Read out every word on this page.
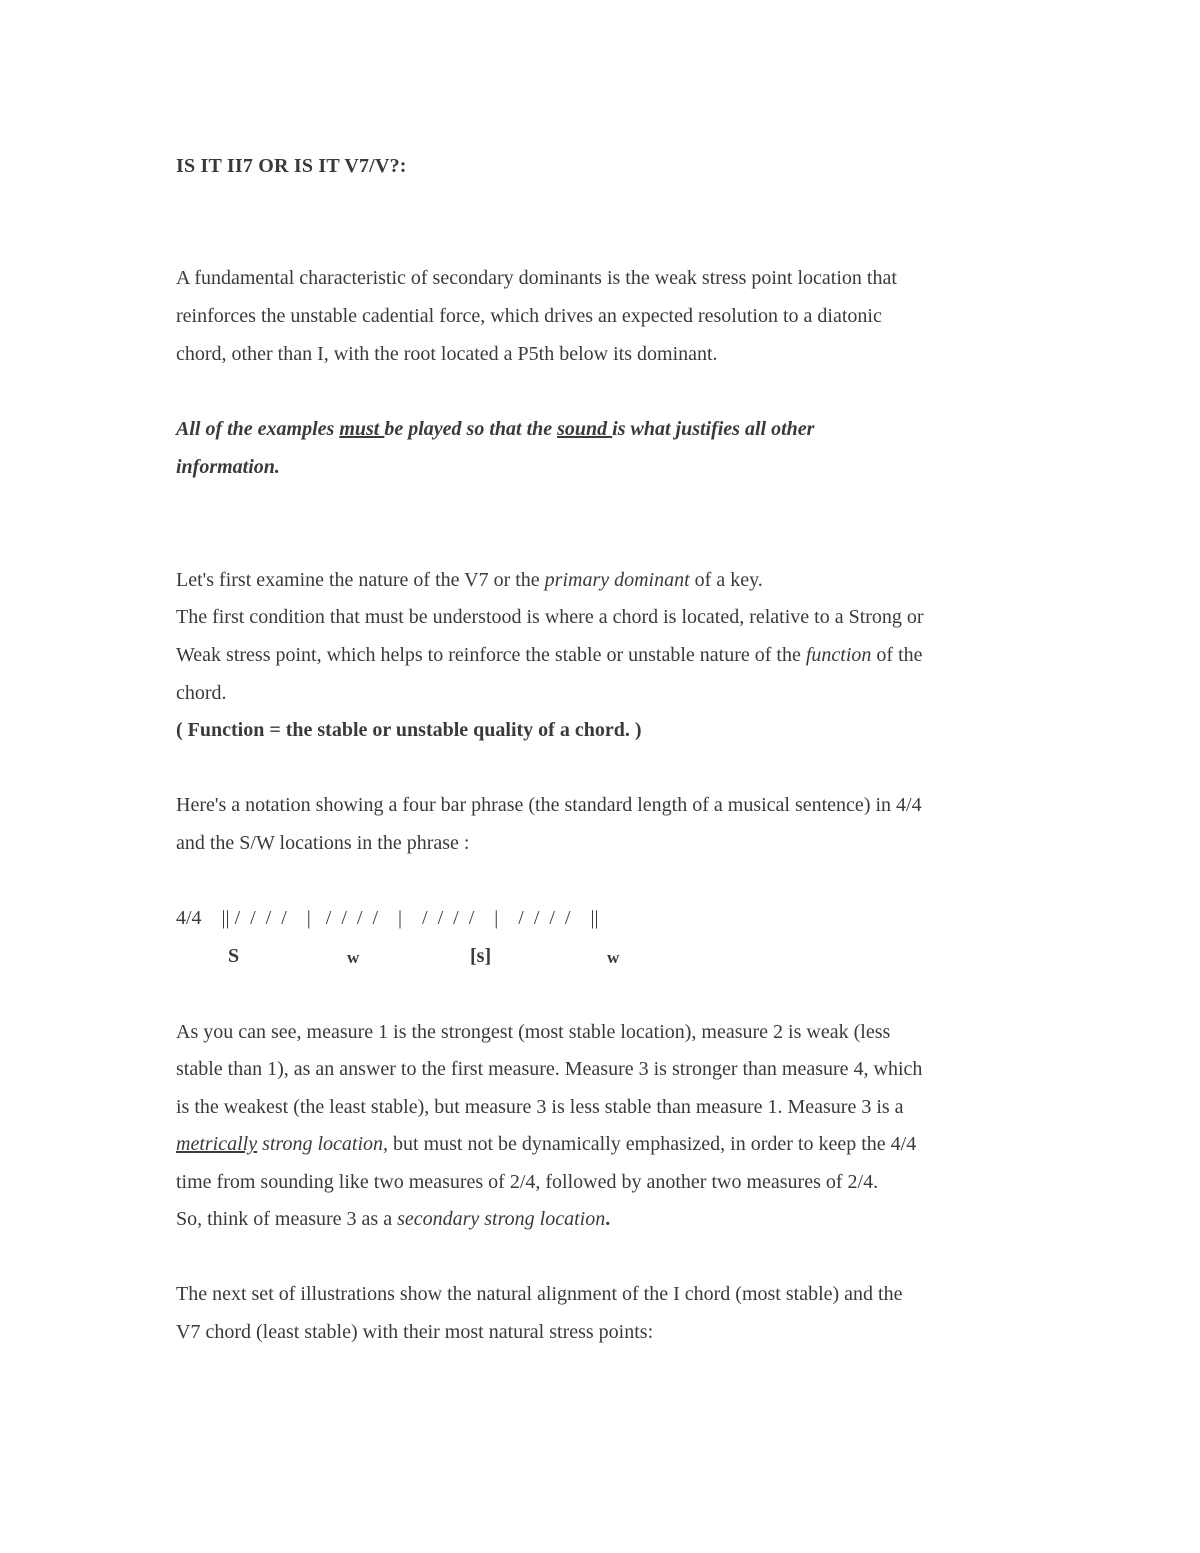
IS IT II7 OR IS IT V7/V?:
A fundamental characteristic of secondary dominants is the weak stress point location that
reinforces the unstable cadential force, which drives an expected resolution to a diatonic
chord, other than I, with the root located a P5th below its dominant.
All of the examples must be played so that the sound is what justifies all other
information.
Let's first examine the nature of the V7 or the primary dominant of a key.
The first condition that must be understood is where a chord is located, relative to a Strong or
Weak stress point, which helps to reinforce the stable or unstable nature of the function of the
chord.
( Function = the stable or unstable quality of a chord. )
Here's a notation showing a four bar phrase (the standard length of a musical sentence) in 4/4
and the S/W locations in the phrase :
4/4    || /  /  /  /    |   /  /  /  /    |    /  /  /  /    |    /  /  /  /    ||
S	w	[s]	w
As you can see, measure 1 is the strongest (most stable location), measure 2 is weak (less
stable than 1), as an answer to the first measure. Measure 3 is stronger than measure 4, which
is the weakest (the least stable), but measure 3 is less stable than measure 1. Measure 3 is a
metrically strong location, but must not be dynamically emphasized, in order to keep the 4/4
time from sounding like two measures of 2/4, followed by another two measures of 2/4.
So, think of measure 3 as a secondary strong location.
The next set of illustrations show the natural alignment of the I chord (most stable) and the
V7 chord (least stable) with their most natural stress points:
